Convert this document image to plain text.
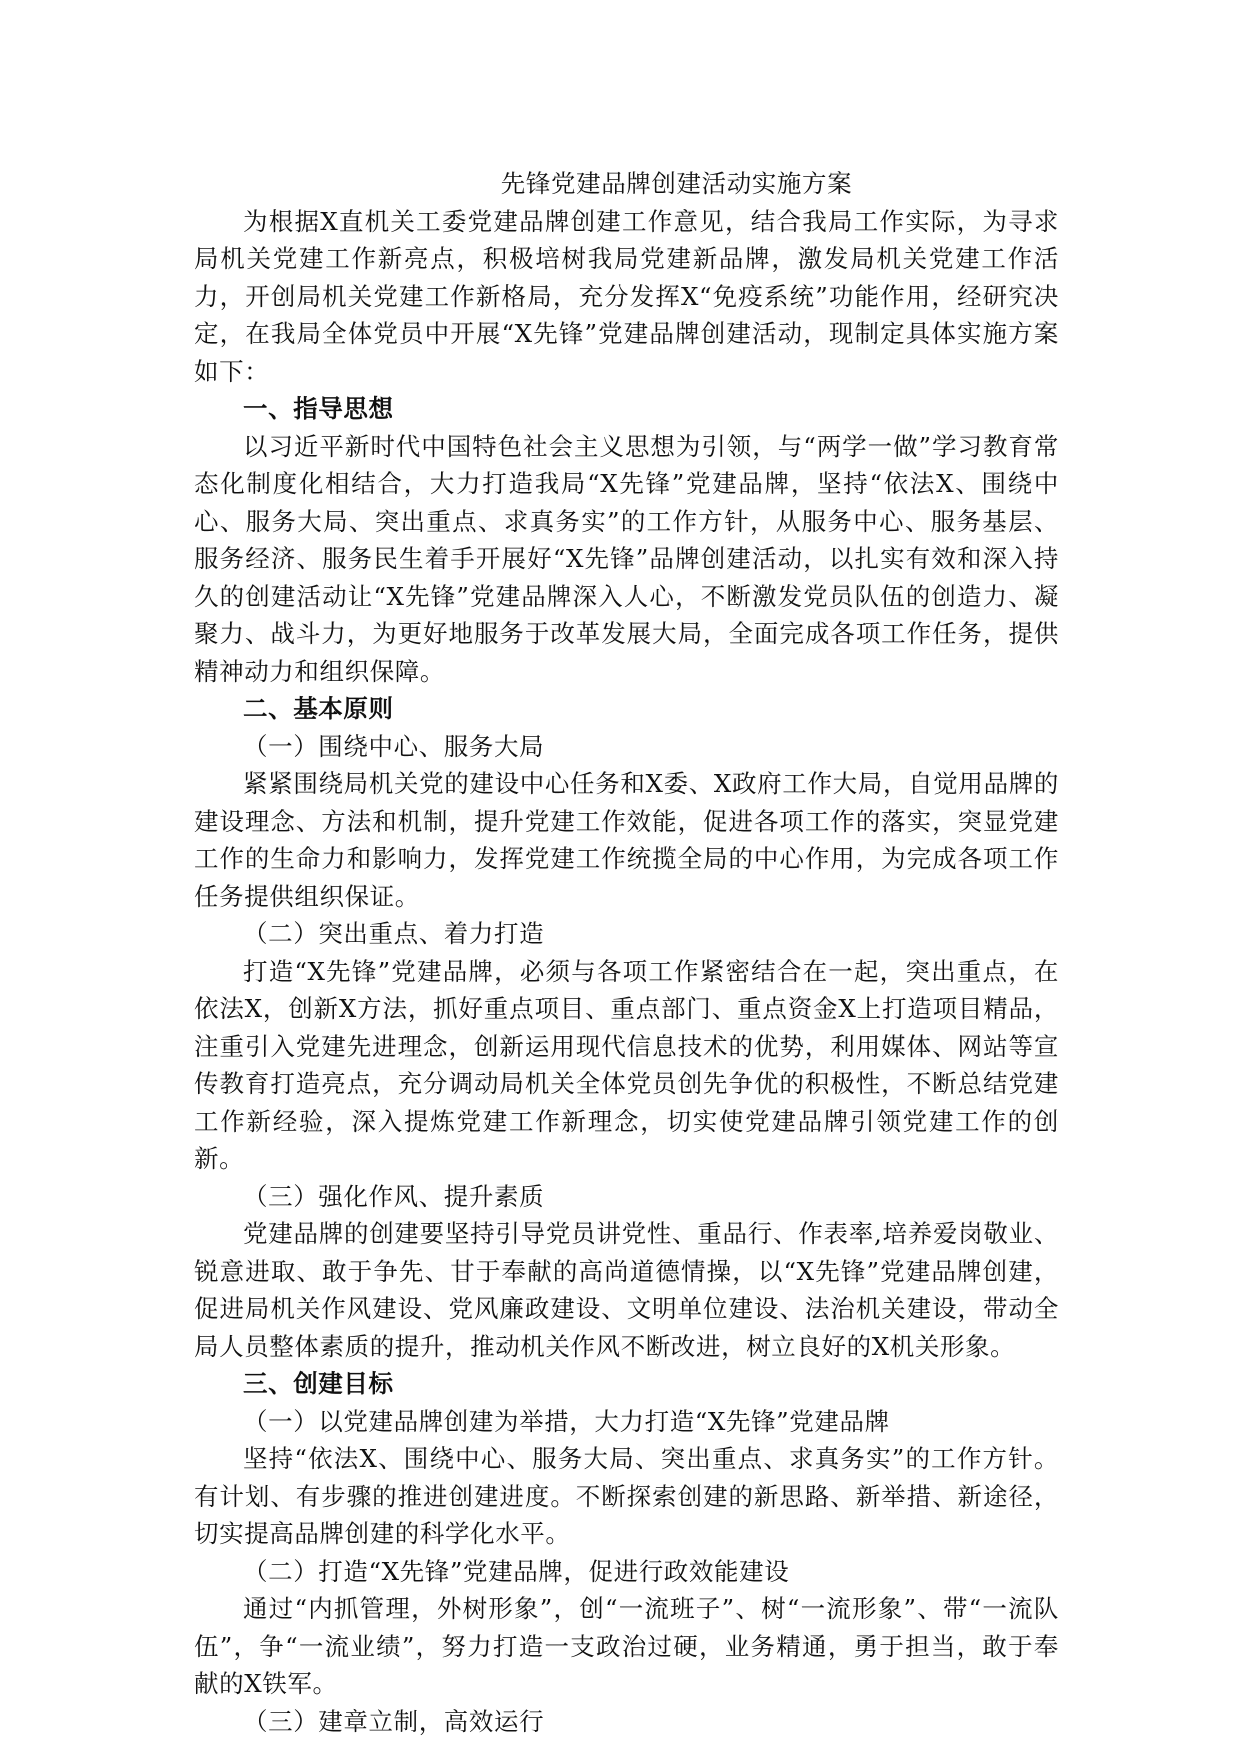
先锋党建品牌创建活动实施方案

为根据X直机关工委党建品牌创建工作意见，结合我局工作实际，为寻求局机关党建工作新亮点，积极培树我局党建新品牌，激发局机关党建工作活力，开创局机关党建工作新格局，充分发挥X“免疫系统”功能作用，经研究决定，在我局全体党员中开展“X先锋”党建品牌创建活动，现制定具体实施方案如下：

一、指导思想

以习近平新时代中国特色社会主义思想为引领，与“两学一做”学习教育常态化制度化相结合，大力打造我局“X先锋”党建品牌，坚持“依法X、围绕中心、服务大局、突出重点、求真务实”的工作方针，从服务中心、服务基层、服务经济、服务民生着手开展好“X先锋”品牌创建活动，以扎实有效和深入持久的创建活动让“X先锋”党建品牌深入人心，不断激发党员队伍的创造力、凝聚力、战斗力，为更好地服务于改革发展大局，全面完成各项工作任务，提供精神动力和组织保障。

二、基本原则

（一）围绕中心、服务大局

紧紧围绕局机关党的建设中心任务和X委、X政府工作大局，自觉用品牌的建设理念、方法和机制，提升党建工作效能，促进各项工作的落实，突显党建工作的生命力和影响力，发挥党建工作统揽全局的中心作用，为完成各项工作任务提供组织保证。

（二）突出重点、着力打造

打造“X先锋”党建品牌，必须与各项工作紧密结合在一起，突出重点，在依法X，创新X方法，抓好重点项目、重点部门、重点资金X上打造项目精品，注重引入党建先进理念，创新运用现代信息技术的优势，利用媒体、网站等宣传教育打造亮点，充分调动局机关全体党员创先争优的积极性，不断总结党建工作新经验，深入提炼党建工作新理念，切实使党建品牌引领党建工作的创新。

（三）强化作风、提升素质

党建品牌的创建要坚持引导党员讲党性、重品行、作表率,培养爱岗敬业、锐意进取、敢于争先、甘于奉献的高尚道德情操，以“X先锋”党建品牌创建，促进局机关作风建设、党风廉政建设、文明单位建设、法治机关建设，带动全局人员整体素质的提升，推动机关作风不断改进，树立良好的X机关形象。

三、创建目标

（一）以党建品牌创建为举措，大力打造“X先锋”党建品牌

坚持“依法X、围绕中心、服务大局、突出重点、求真务实”的工作方针。有计划、有步骤的推进创建进度。不断探索创建的新思路、新举措、新途径，切实提高品牌创建的科学化水平。

（二）打造“X先锋”党建品牌，促进行政效能建设

通过“内抓管理，外树形象”，创“一流班子”、树“一流形象”、带“一流队伍”，争“一流业绩”，努力打造一支政治过硬，业务精通，勇于担当，敢于奉献的X铁军。

（三）建章立制，高效运行
